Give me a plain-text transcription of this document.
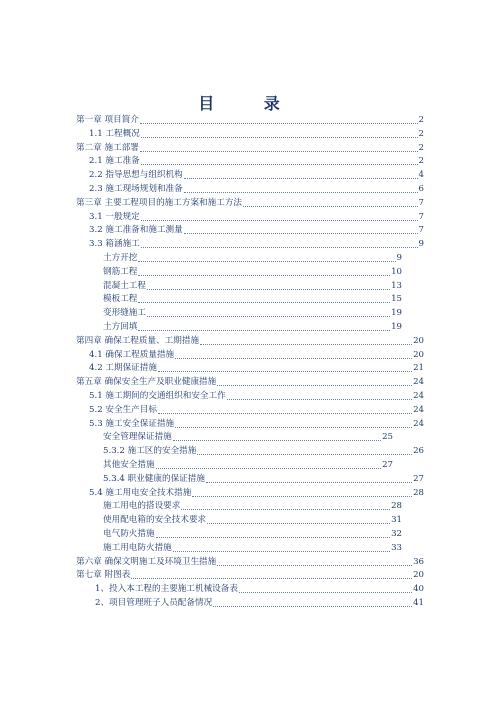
目 录
第一章 项目简介	2
1.1 工程概况	2
第二章 施工部署	2
2.1 施工准备	2
2.2 指导思想与组织机构	4
2.3 施工现场规划和准备	6
第三章 主要工程项目的施工方案和施工方法	7
3.1 一般规定	7
3.2 施工准备和施工测量	7
3.3 箱涵施工	9
土方开挖	9
钢筋工程	10
混凝土工程	13
模板工程	15
变形缝施工	19
土方回填	19
第四章 确保工程质量、工期措施	20
4.1 确保工程质量措施	20
4.2 工期保证措施	21
第五章 确保安全生产及职业健康措施	24
5.1 施工期间的交通组织和安全工作	24
5.2 安全生产目标	24
5.3 施工安全保证措施	24
安全管理保证措施	25
5.3.2 施工区的安全措施	26
其他安全措施	27
5.3.4 职业健康的保证措施	27
5.4 施工用电安全技术措施	28
施工用电的搭设要求	28
使用配电箱的安全技术要求	31
电气防火措施	32
施工用电防火措施	33
第六章 确保文明施工及环境卫生措施	36
第七章 附图表	20
1、投入本工程的主要施工机械设备表	40
2、项目管理班子人员配备情况	41
